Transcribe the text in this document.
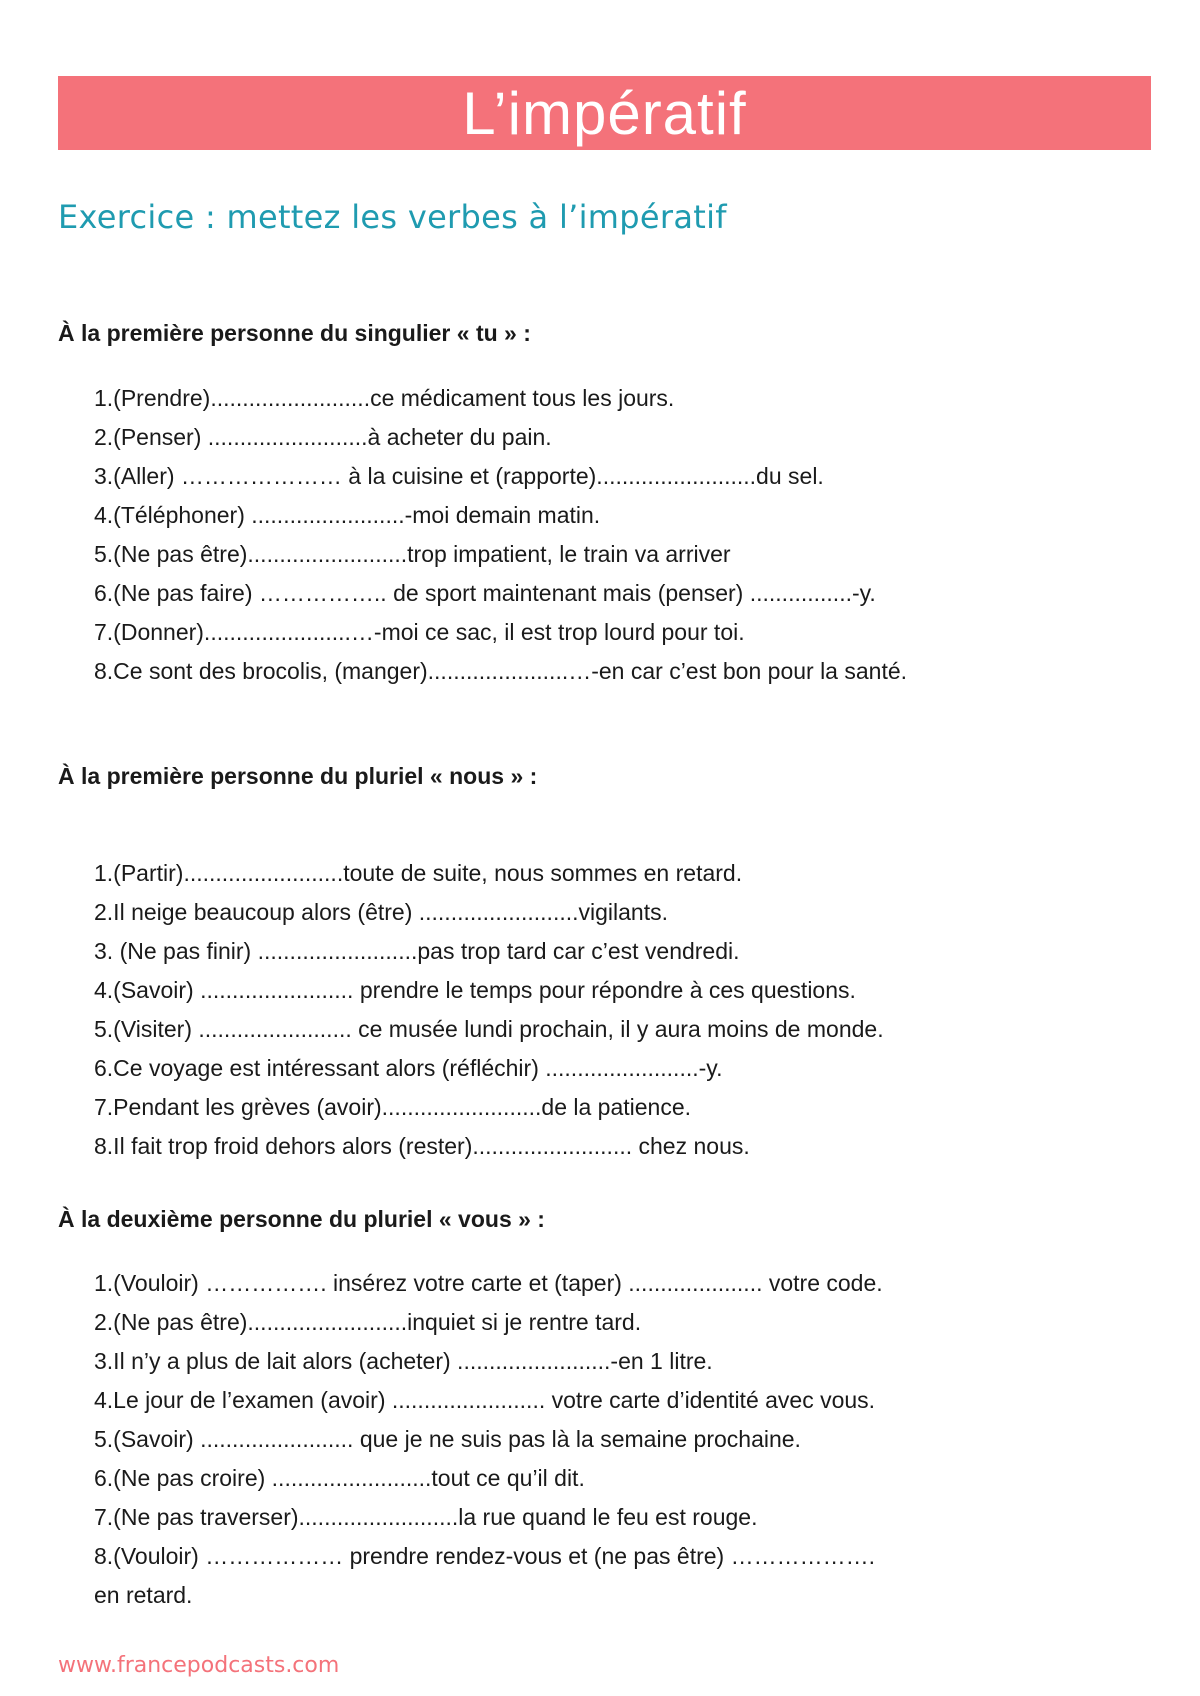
L’impératif
Exercice : mettez les verbes à l’impératif
À la première personne du singulier « tu » :
1.(Prendre).........................ce médicament tous les jours.
2.(Penser) .........................à acheter du pain.
3.(Aller) ………………… à la cuisine et (rapporte).........................du sel.
4.(Téléphoner) ........................-moi demain matin.
5.(Ne pas être).........................trop impatient, le train va arriver
6.(Ne pas faire) …………….. de sport maintenant mais (penser) ................-y.
7.(Donner).......................…-moi ce sac, il est trop lourd pour toi.
8.Ce sont des brocolis, (manger)......................…-en car c’est bon pour la santé.
À la première personne du pluriel « nous » :
1.(Partir).........................toute de suite, nous sommes en retard.
2.Il neige beaucoup alors (être) .........................vigilants.
3. (Ne pas finir) .........................pas trop tard car c’est vendredi.
4.(Savoir) ........................ prendre le temps pour répondre à ces questions.
5.(Visiter) ........................ ce musée lundi prochain, il y aura moins de monde.
6.Ce voyage est intéressant alors (réfléchir) ........................-y.
7.Pendant les grèves (avoir).........................de la patience.
8.Il fait trop froid dehors alors (rester)......................... chez nous.
À la deuxième personne du pluriel « vous » :
1.(Vouloir) ……………. insérez votre carte et (taper) ..................... votre code.
2.(Ne pas être).........................inquiet si je rentre tard.
3.Il n’y a plus de lait alors (acheter) ........................-en 1 litre.
4.Le jour de l’examen (avoir) ........................ votre carte d’identité avec vous.
5.(Savoir) ........................ que je ne suis pas là la semaine prochaine.
6.(Ne pas croire) .........................tout ce qu’il dit.
7.(Ne pas traverser).........................la rue quand le feu est rouge.
8.(Vouloir) ……………… prendre rendez-vous et (ne pas être) ……………….
en retard.
www.francepodcasts.com
